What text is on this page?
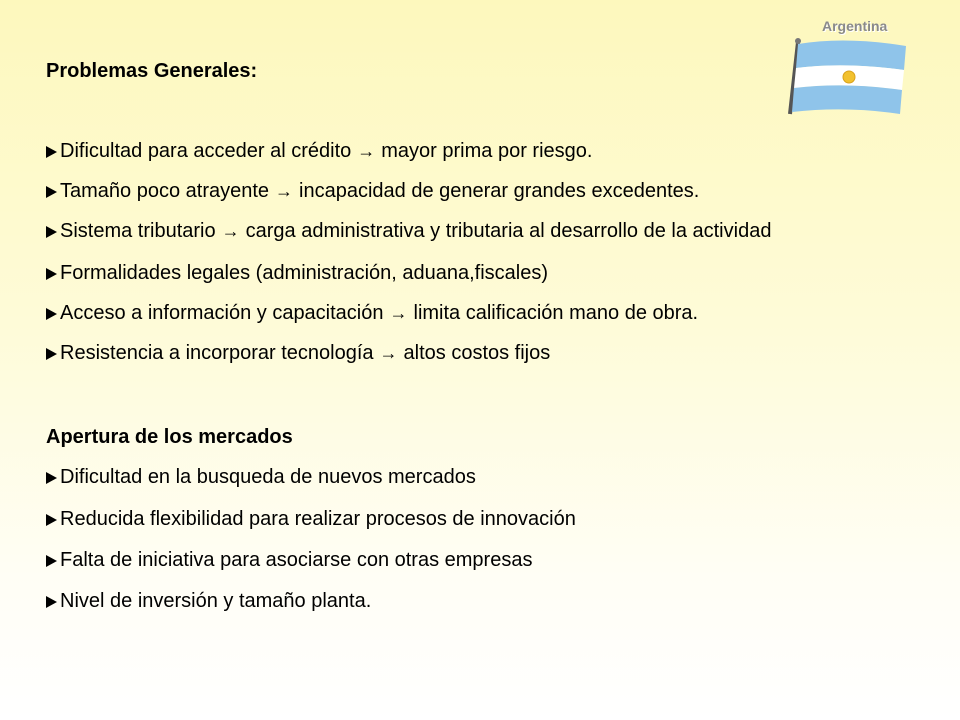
Argentina
Problemas Generales:
Dificultad para acceder al crédito → mayor prima por riesgo.
Tamaño poco atrayente → incapacidad de generar grandes excedentes.
Sistema tributario → carga administrativa y tributaria al desarrollo de la actividad
Formalidades legales (administración, aduana,fiscales)
Acceso a información y capacitación → limita calificación mano de obra.
Resistencia a incorporar tecnología → altos costos fijos
Apertura de los mercados
Dificultad en la busqueda de nuevos mercados
Reducida flexibilidad para realizar procesos de innovación
Falta de iniciativa para asociarse con otras empresas
Nivel de inversión y tamaño planta.
